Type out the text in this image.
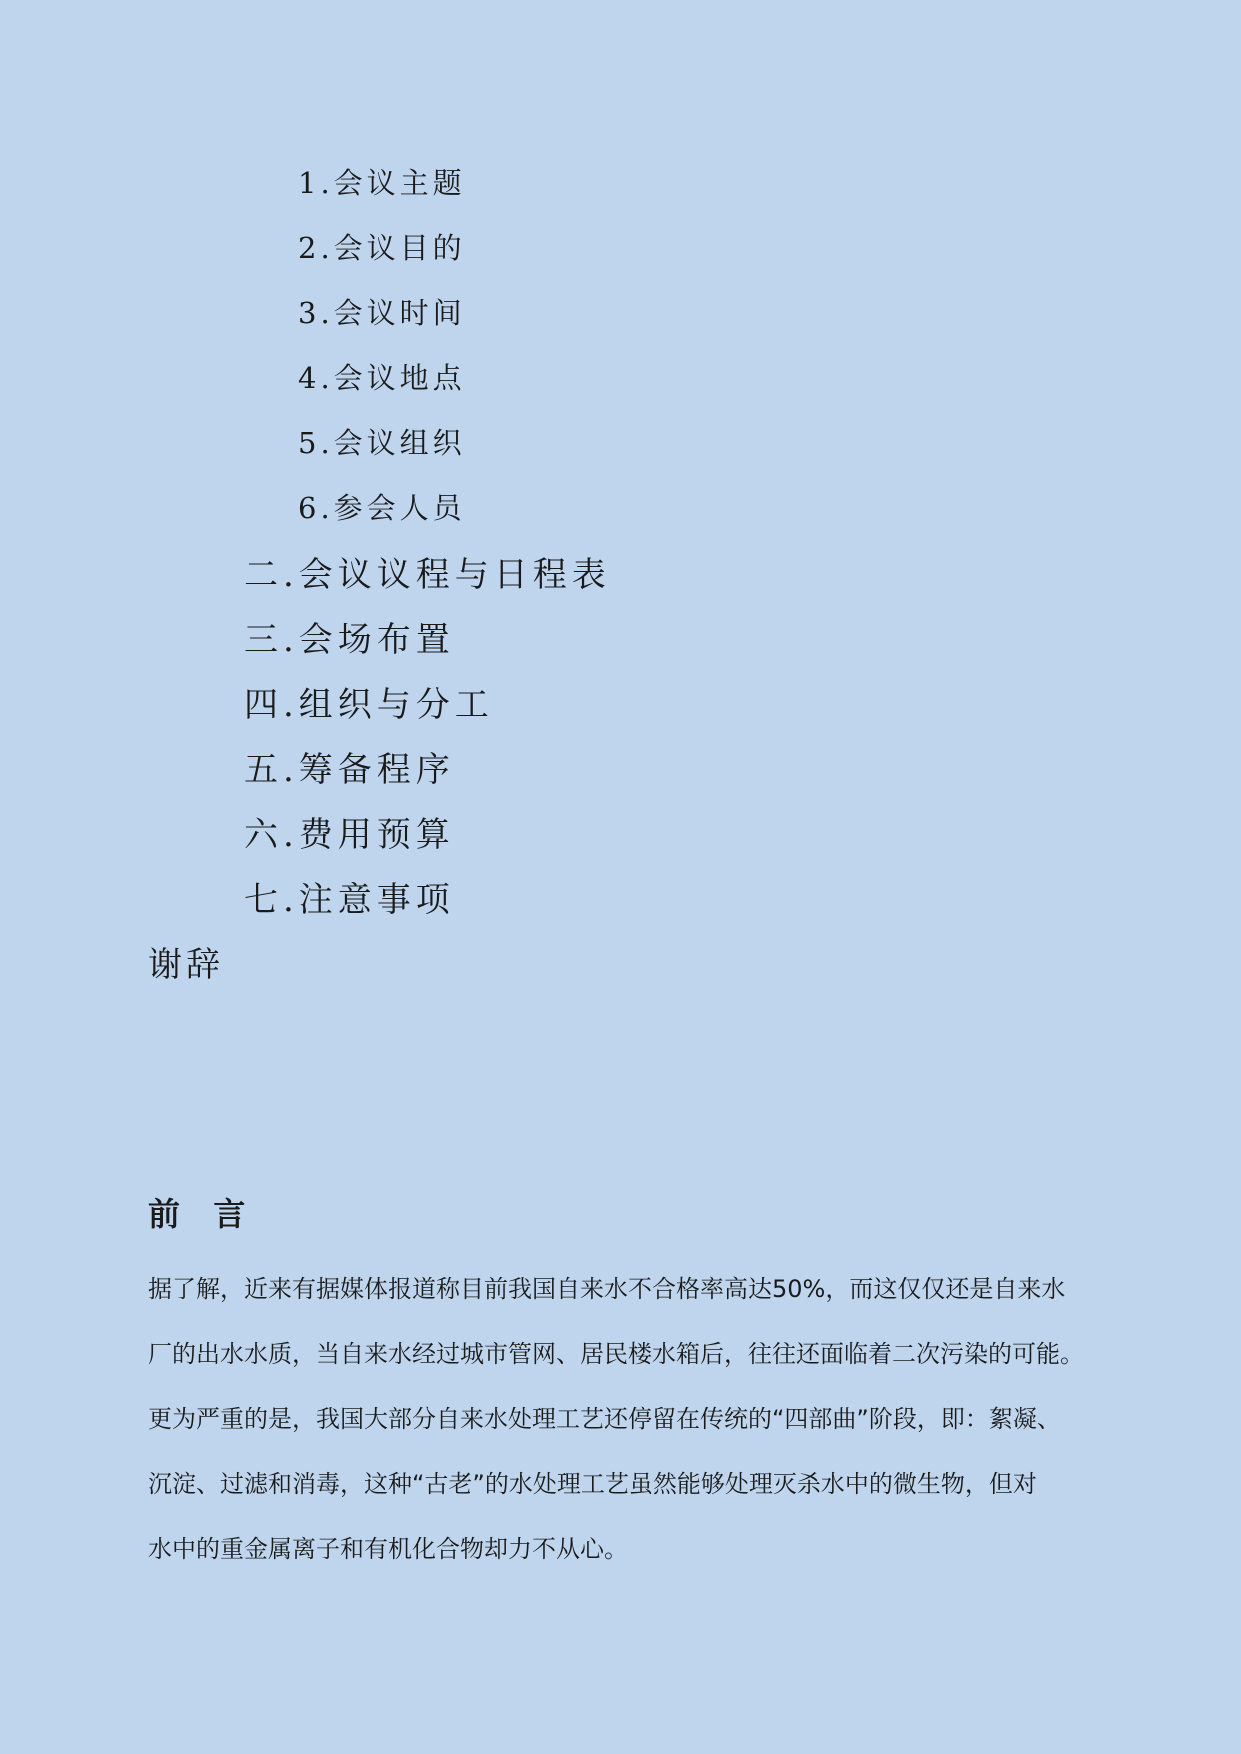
1.会议主题
2.会议目的
3.会议时间
4.会议地点
5.会议组织
6.参会人员
二.会议议程与日程表
三.会场布置
四.组织与分工
五.筹备程序
六.费用预算
七.注意事项
谢辞
前   言
据了解，近来有据媒体报道称目前我国自来水不合格率高达50%，而这仅仅还是自来水
厂的出水水质，当自来水经过城市管网、居民楼水箱后，往往还面临着二次污染的可能。
更为严重的是，我国大部分自来水处理工艺还停留在传统的“四部曲”阶段，即：絮凝、
沉淀、过滤和消毒，这种“古老”的水处理工艺虽然能够处理灭杀水中的微生物，但对
水中的重金属离子和有机化合物却力不从心。
